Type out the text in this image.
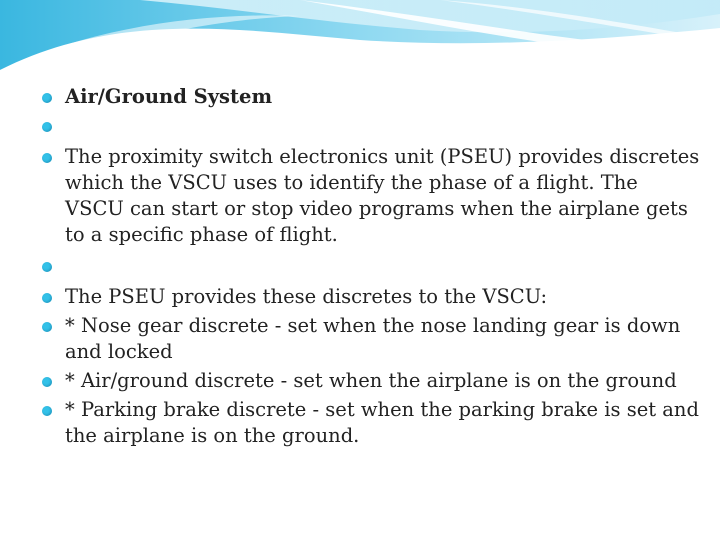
Air/Ground System
The proximity switch electronics unit (PSEU) provides discretes which the VSCU uses to identify the phase of a flight. The VSCU can start or stop video programs when the airplane gets to a specific phase of flight.
The PSEU provides these discretes to the VSCU:
* Nose gear discrete - set when the nose landing gear is down and locked
* Air/ground discrete - set when the airplane is on the ground
* Parking brake discrete - set when the parking brake is set and the airplane is on the ground.
